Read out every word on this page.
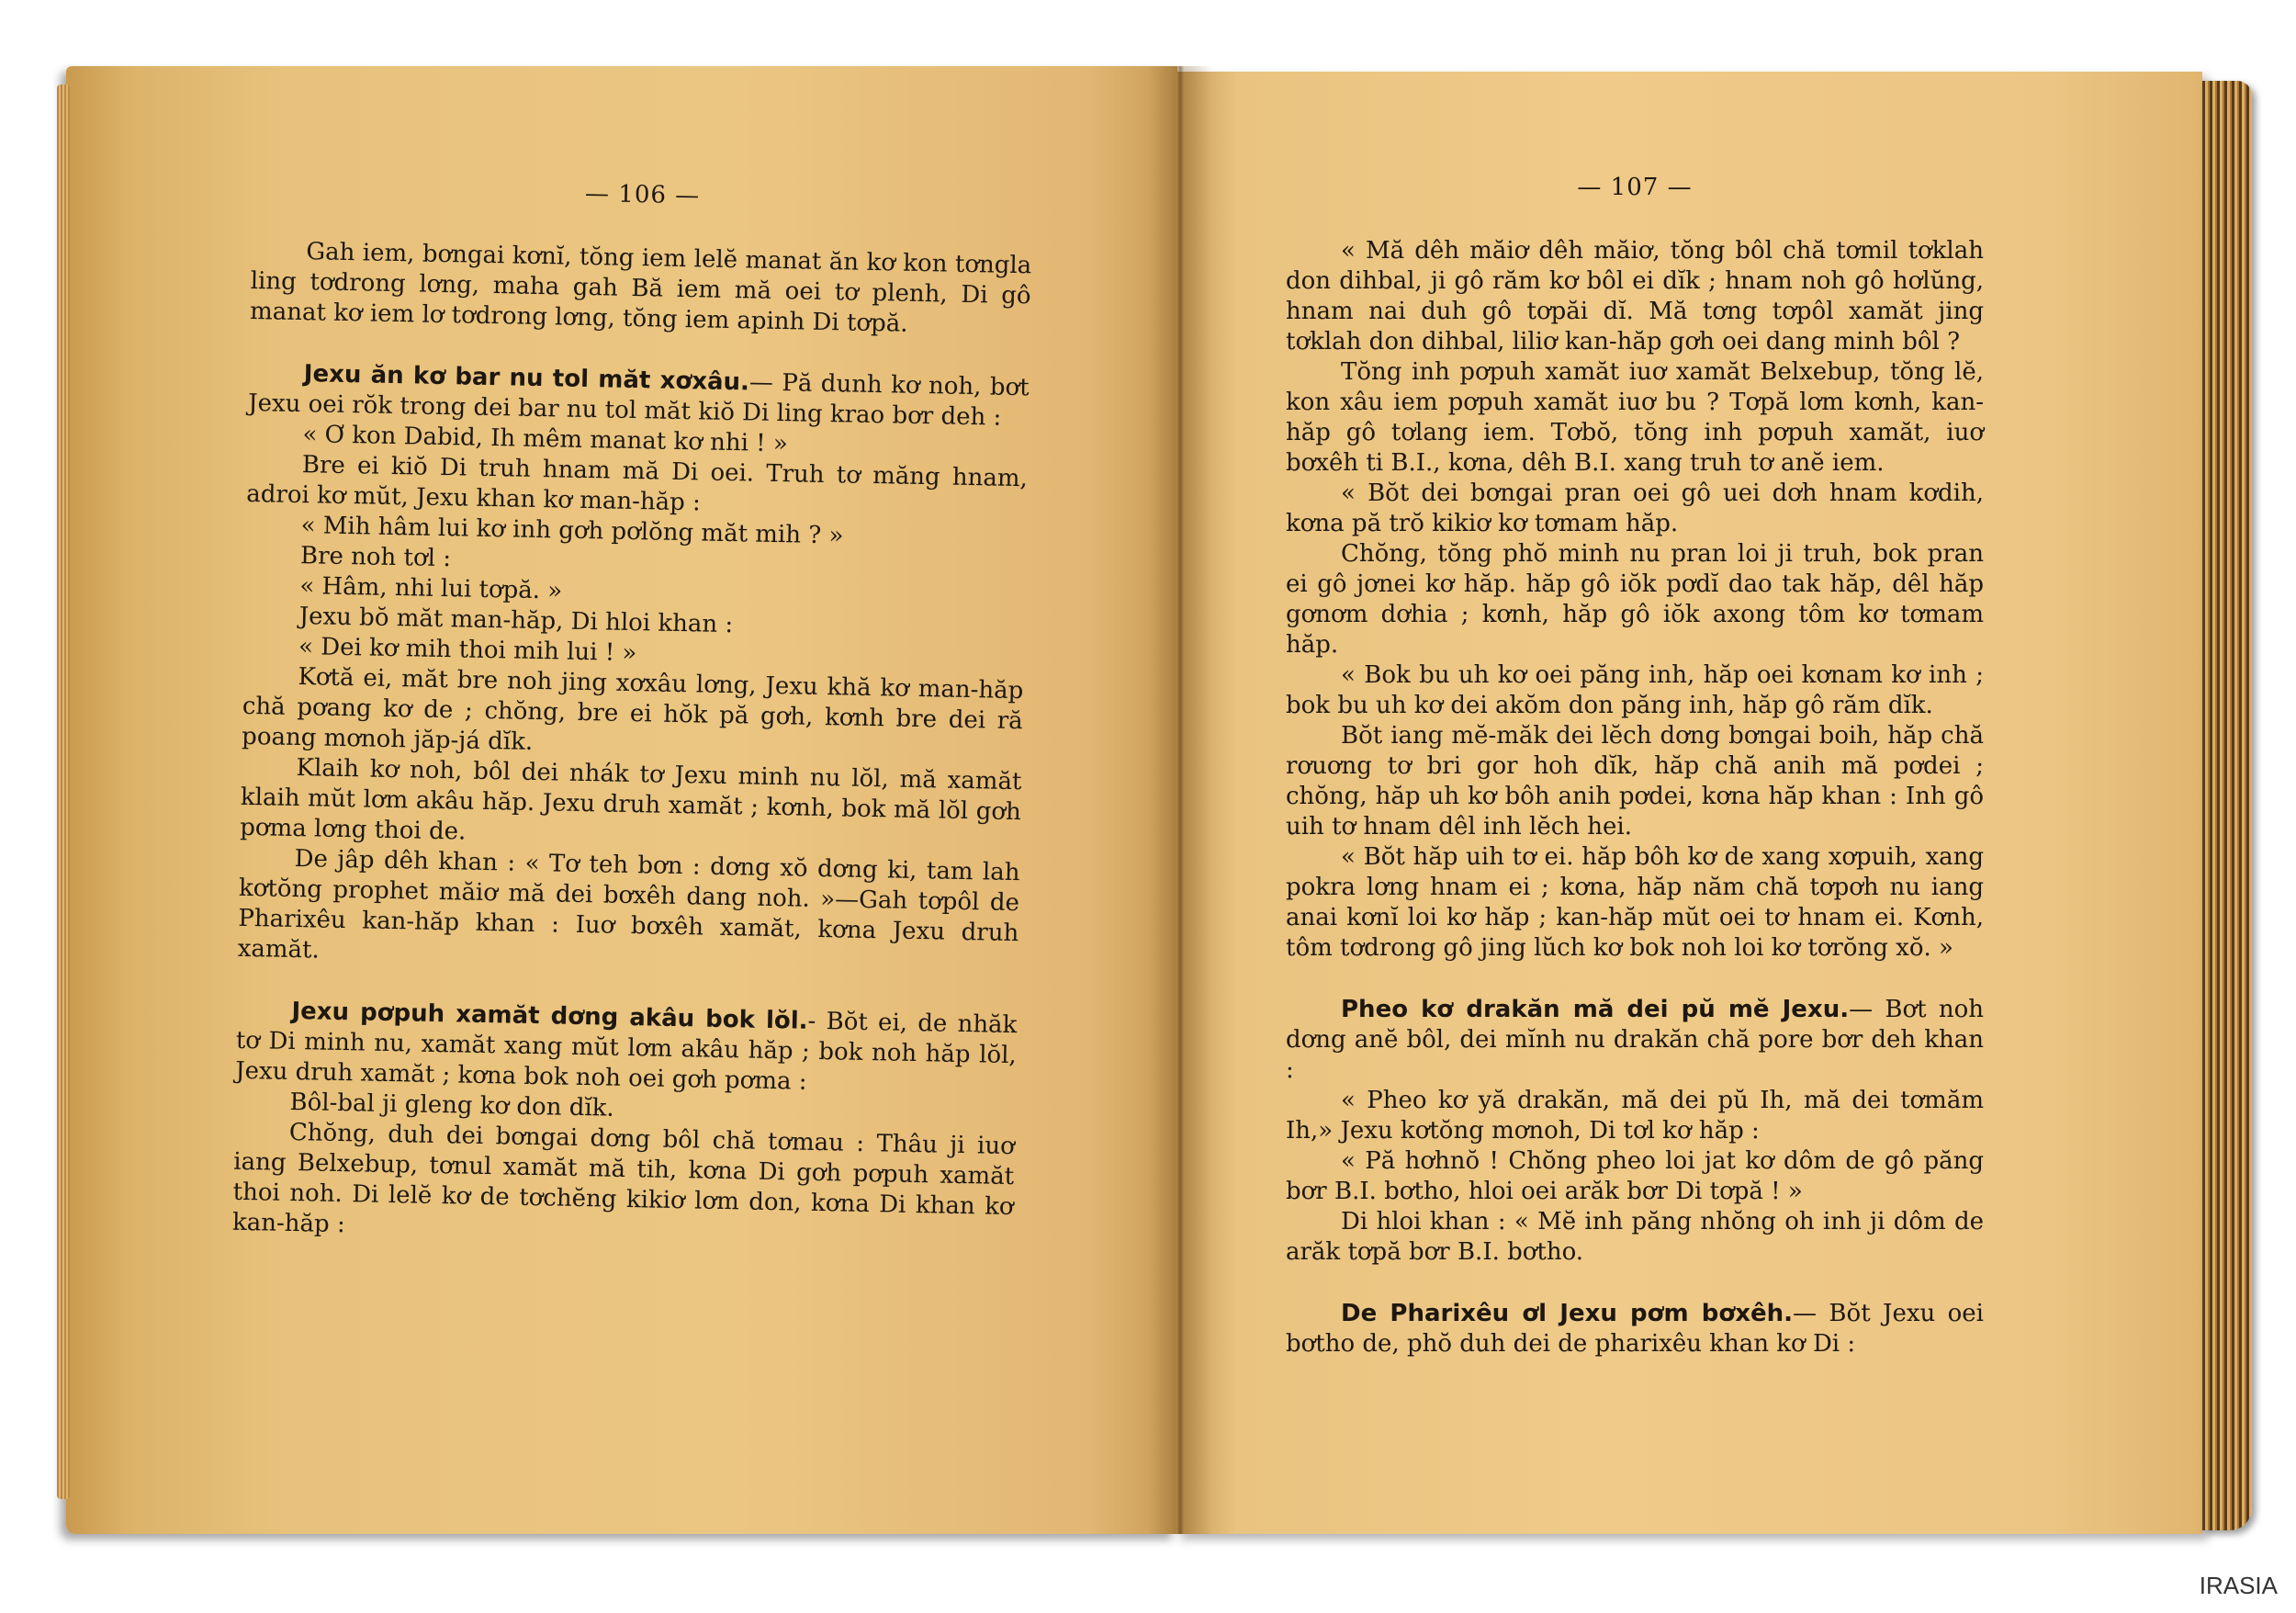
— 106 —

Gah iem, bơngai kơnĭ, tŏng iem lelĕ manat ăn kơ kon tơngla ling tơdrong lơng, maha gah Bă iem mă oei tơ plenh, Di gô manat kơ iem lơ tơdrong lơng, tŏng iem apinh Di tơpă.

Jexu ăn kơ bar nu tol măt xơxâu.— Pă dunh kơ noh, bơt Jexu oei rŏk trong dei bar nu tol măt kiŏ Di ling krao bơr deh :

« Ơ kon Dabid, Ih mêm manat kơ nhi ! »

Bre ei kiŏ Di truh hnam mă Di oei. Truh tơ măng hnam, adroi kơ mŭt, Jexu khan kơ man-hăp :

« Mih hâm lui kơ inh gơh pơlŏng măt mih ? »

Bre noh tơl :

« Hâm, nhi lui tơpă. »

Jexu bŏ măt man-hăp, Di hloi khan :

« Dei kơ mih thoi mih lui ! »

Kơtă ei, măt bre noh jing xơxâu lơng, Jexu khă kơ man-hăp chă pơang kơ de ; chŏng, bre ei hŏk pă gơh, kơnh bre dei ră poang mơnoh jăp-já dĭk.

Klaih kơ noh, bôl dei nhák tơ Jexu minh nu lŏl, mă xamăt klaih mŭt lơm akâu hăp. Jexu druh xamăt ; kơnh, bok mă lŏl gơh pơma lơng thoi de.

De jâp dêh khan : « Tơ teh bơn : dơng xŏ dơng ki, tam lah kơtŏng prophet măiơ mă dei bơxêh dang noh. »—Gah tơpôl de Pharixêu kan-hăp khan : Iuơ bơxêh xamăt, kơna Jexu druh xamăt.

Jexu pơpuh xamăt dơng akâu bok lŏl.- Bŏt ei, de nhăk tơ Di minh nu, xamăt xang mŭt lơm akâu hăp ; bok noh hăp lŏl, Jexu druh xamăt ; kơna bok noh oei gơh pơma :

Bôl-bal ji gleng kơ don dĭk.

Chŏng, duh dei bơngai dơng bôl chă tơmau : Thâu ji iuơ iang Belxebup, tơnul xamăt mă tih, kơna Di gơh pơpuh xamăt thoi noh. Di lelĕ kơ de tơchĕng kikiơ lơm don, kơna Di khan kơ kan-hăp :

— 107 —

« Mă dêh măiơ dêh măiơ, tŏng bôl chă tơmil tơklah don dihbal, ji gô răm kơ bôl ei dĭk ; hnam noh gô hơlŭng, hnam nai duh gô tơpăi dĭ. Mă tơng tơpôl xamăt jing tơklah don dihbal, liliơ kan-hăp gơh oei dang minh bôl ?

Tŏng inh pơpuh xamăt iuơ xamăt Belxebup, tŏng lĕ, kon xâu iem pơpuh xamăt iuơ bu ? Tơpă lơm kơnh, kan-hăp gô tơlang iem. Tơbŏ, tŏng inh pơpuh xamăt, iuơ bơxêh ti B.I., kơna, dêh B.I. xang truh tơ anĕ iem.

« Bŏt dei bơngai pran oei gô uei dơh hnam kơdih, kơna pă trŏ kikiơ kơ tơmam hăp.

Chŏng, tŏng phŏ minh nu pran loi ji truh, bok pran ei gô jơnei kơ hăp. hăp gô iŏk pơdĭ dao tak hăp, dêl hăp gơnơm dơhia ; kơnh, hăp gô iŏk axong tôm kơ tơmam hăp.

« Bok bu uh kơ oei păng inh, hăp oei kơnam kơ inh ; bok bu uh kơ dei akŏm don păng inh, hăp gô răm dĭk.

Bŏt iang mĕ-măk dei lĕch dơng bơngai boih, hăp chă rơuơng tơ bri gor hoh dĭk, hăp chă anih mă pơdei ; chŏng, hăp uh kơ bôh anih pơdei, kơna hăp khan : Inh gô uih tơ hnam dêl inh lĕch hei.

« Bŏt hăp uih tơ ei. hăp bôh kơ de xang xơpuih, xang pokra lơng hnam ei ; kơna, hăp năm chă tơpơh nu iang anai kơnĭ loi kơ hăp ; kan-hăp mŭt oei tơ hnam ei. Kơnh, tôm tơdrong gô jing lŭch kơ bok noh loi kơ tơrŏng xŏ. »

Pheo kơ drakăn mă dei pŭ mĕ Jexu.— Bơt noh dơng anĕ bôl, dei mĭnh nu drakăn chă pore bơr deh khan :

« Pheo kơ yă drakăn, mă dei pŭ Ih, mă dei tơmăm Ih,» Jexu kơtŏng mơnoh, Di tơl kơ hăp :

« Pă hơhnŏ ! Chŏng pheo loi jat kơ dôm de gô păng bơr B.I. bơtho, hloi oei arăk bơr Di tơpă ! »

Di hloi khan : « Mĕ inh păng nhŏng oh inh ji dôm de arăk tơpă bơr B.I. bơtho.

De Pharixêu ơl Jexu pơm bơxêh.— Bŏt Jexu oei bơtho de, phŏ duh dei de pharixêu khan kơ Di :

IRASIA
